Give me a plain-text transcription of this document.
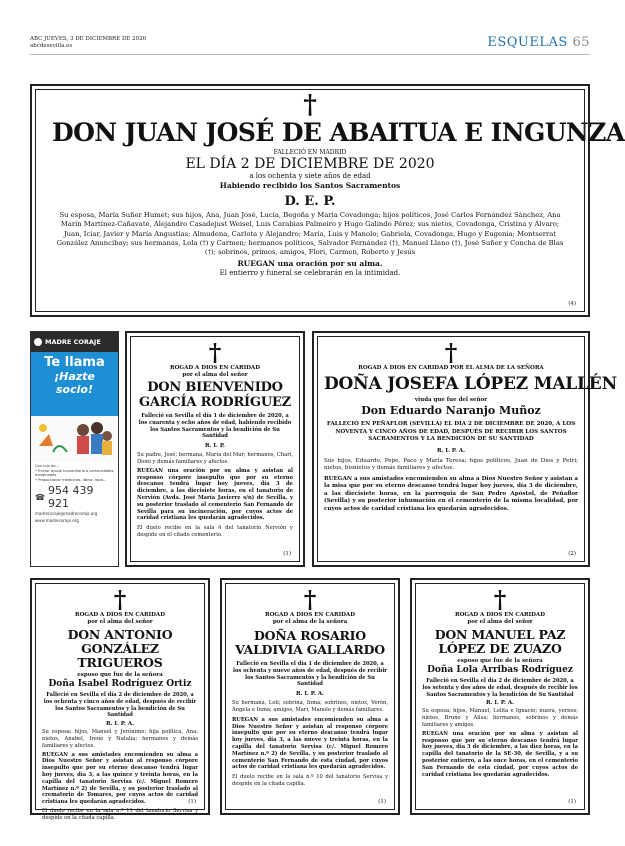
ABC JUEVES, 3 DE DICIEMBRE DE 2020
abcdesevilla.es	ESQUELAS 65
†
DON JUAN JOSÉ DE ABAITUA E INGUNZA
FALLECIÓ EN MADRID
EL DÍA 2 DE DICIEMBRE DE 2020
a los ochenta y siete años de edad
Habiendo recibido los Santos Sacramentos
D. E. P.
Su esposa, María Suñer Humet; sus hijos, Ana, Juan José, Lucía, Begoña y María Covadonga; hijos políticos, José Carlos Fernández Sánchez, Ana Marín Martínez-Cañavate, Alejandro Casadejust Weisel, Luis Carabias Palmeiro y Hugo Galindo Pérez; sus nietos, Covadonga, Cristina y Álvaro; Juan, Iciar, Javier y María Angustias; Almudena, Carlota y Alejandro; María, Luis y Manolo; Gabriela, Covadonga, Hugo y Eugenia; Montserrat González Anuncibay; sus hermanas, Lola (†) y Carmen; hermanos políticos, Salvador Fernández (†), Manuel Llano (†), José Suñer y Concha de Blas (†); sobrinos, primos, amigos, Flori, Carmen, Roberto y Jesús
RUEGAN una oración por su alma.
El entierro y funeral se celebrarán en la intimidad.
(4)
MADRE CORAJE
Te llama
¡Hazte
socio!
Con tu/s de...
• Enviar ayuda humanitaria a comunidades marginadas.
• Proporcionar medicinas, libros, ropa...
☎ 954 439 921
madrecoraje@madrecoraje.org
www.madrecoraje.org
†
ROGAD A DIOS EN CARIDAD
por el alma del señor
DON BIENVENIDO GARCÍA RODRÍGUEZ
Falleció en Sevilla el día 1 de diciembre de 2020, a los cuarenta y ocho años de edad, habiendo recibido los Santos Sacramentos y la bendición de Su Santidad
R. I. P.
Su padre, José; hermana, María del Mar; hermanos, Chari, Dioni y demás familiares y afectos.
RUEGAN una oración por su alma y asistan al responso córpore insepulto que por su eterno descanso tendrá lugar hoy jueves, día 3 de diciembre, a las diecisiete horas, en el tanatorio de Nervión (Avda. José María Javierre s/n) de Sevilla, y su posterior traslado al cementerio San Fernando de Sevilla para su incineración, por cuyos actos de caridad cristiana les quedarán agradecidos.
El duelo recibe en la sala 4 del tanatorio Nervión y despide en el citado cementerio.
(1)
†
ROGAD A DIOS EN CARIDAD POR EL ALMA DE LA SEÑORA
DOÑA JOSEFA LÓPEZ MALLÉN
viuda que fue del señor
Don Eduardo Naranjo Muñoz
FALLECIÓ EN PEÑAFLOR (SEVILLA) EL DÍA 2 DE DICIEMBRE DE 2020, A LOS NOVENTA Y CINCO AÑOS DE EDAD, DESPUÉS DE RECIBIR LOS SANTOS SACRAMENTOS Y LA BENDICIÓN DE SU SANTIDAD
R. I. P. A.
Sus hijos, Eduardo, Pepe, Paco y María Teresa; hijos políticos, Juan de Dios y Petri; nietos, bisnietos y demás familiares y afectos.
RUEGAN a sus amistades encomienden su alma a Dios Nuestro Señor y asistan a la misa que por su eterno descanso tendrá lugar hoy jueves, día 3 de diciembre, a las diecisiete horas, en la parroquia de San Pedro Apóstol, de Peñaflor (Sevilla) y su posterior inhumación en el cementerio de la misma localidad, por cuyos actos de caridad cristiana les quedarán agradecidos.
(2)
†
ROGAD A DIOS EN CARIDAD
por el alma del señor
DON ANTONIO GONZÁLEZ TRIGUEROS
esposo que fue de la señora
Doña Isabel Rodríguez Ortiz
Falleció en Sevilla el día 2 de diciembre de 2020, a los ochenta y cinco años de edad, después de recibir los Santos Sacramentos y la bendición de Su Santidad
R. I. P. A.
Su esposa; hijos, Manuel y Jerónimo; hija política, Ana; nietos, Anabel, Irene y Natalia; hermanos y demás familiares y afectos.
RUEGAN a sus amistades encomienden su alma a Dios Nuestro Señor y asistan al responso córpore insepulto que por su eterno descanso tendrá lugar hoy jueves, día 3, a las quince y treinta horas, en la capilla del tanatorio Servisa (c/. Miguel Romero Martínez n.º 2) de Sevilla, y su posterior traslado al crematorio de Tomares, por cuyos actos de caridad cristiana les quedarán agradecidos.
El duelo recibe en la sala n.º 11 del tanatorio Servisa y despide en la citada capilla.
(1)
†
ROGAD A DIOS EN CARIDAD
por el alma de la señora
DOÑA ROSARIO VALDIVIA GALLARDO
Falleció en Sevilla el día 1 de diciembre de 2020, a los ochenta y nueve años de edad, después de recibir los Santos Sacramentos y la bendición de Su Santidad
R. I. P. A.
Su hermana, Loli; sobrina, Inma; sobrinos, nietos, Verón, Ángela e Inma; amigos, Mari, Manolo y demás familiares.
RUEGAN a sus amistades encomienden su alma a Dios Nuestro Señor y asistan al responso córpore insepulto que por su eterno descanso tendrá lugar hoy jueves, día 3, a las nueve y treinta horas, en la capilla del tanatorio Servisa (c/. Miguel Romero Martínez n.º 2) de Sevilla, y su posterior traslado al cementerio San Fernando de esta ciudad, por cuyos actos de caridad cristiana les quedarán agradecidos.
El duelo recibe en la sala n.º 10 del tanatorio Servisa y despide en la citada capilla.
(1)
†
ROGAD A DIOS EN CARIDAD
por el alma del señor
DON MANUEL PAZ LÓPEZ DE ZUAZO
esposo que fue de la señora
Doña Lola Arribas Rodríguez
Falleció en Sevilla el día 2 de diciembre de 2020, a los setenta y dos años de edad, después de recibir los Santos Sacramentos y la bendición de Su Santidad
R. I. P. A.
Su esposa; hijos, Manuel, Lolita e Ignacio; nuera, yernos; nietos, Bruno y Alisa; hermanos, sobrinos y demás familiares y amigos.
RUEGAN una oración por su alma y asistan al responso que por su eterno descanso tendrá lugar hoy jueves, día 3 de diciembre, a las diez horas, en la capilla del tanatorio de la SE-30, de Sevilla, y a su posterior entierro, a las once horas, en el cementerio San Fernando de esta ciudad, por cuyos actos de caridad cristiana les quedarán agradecidos.
(1)
